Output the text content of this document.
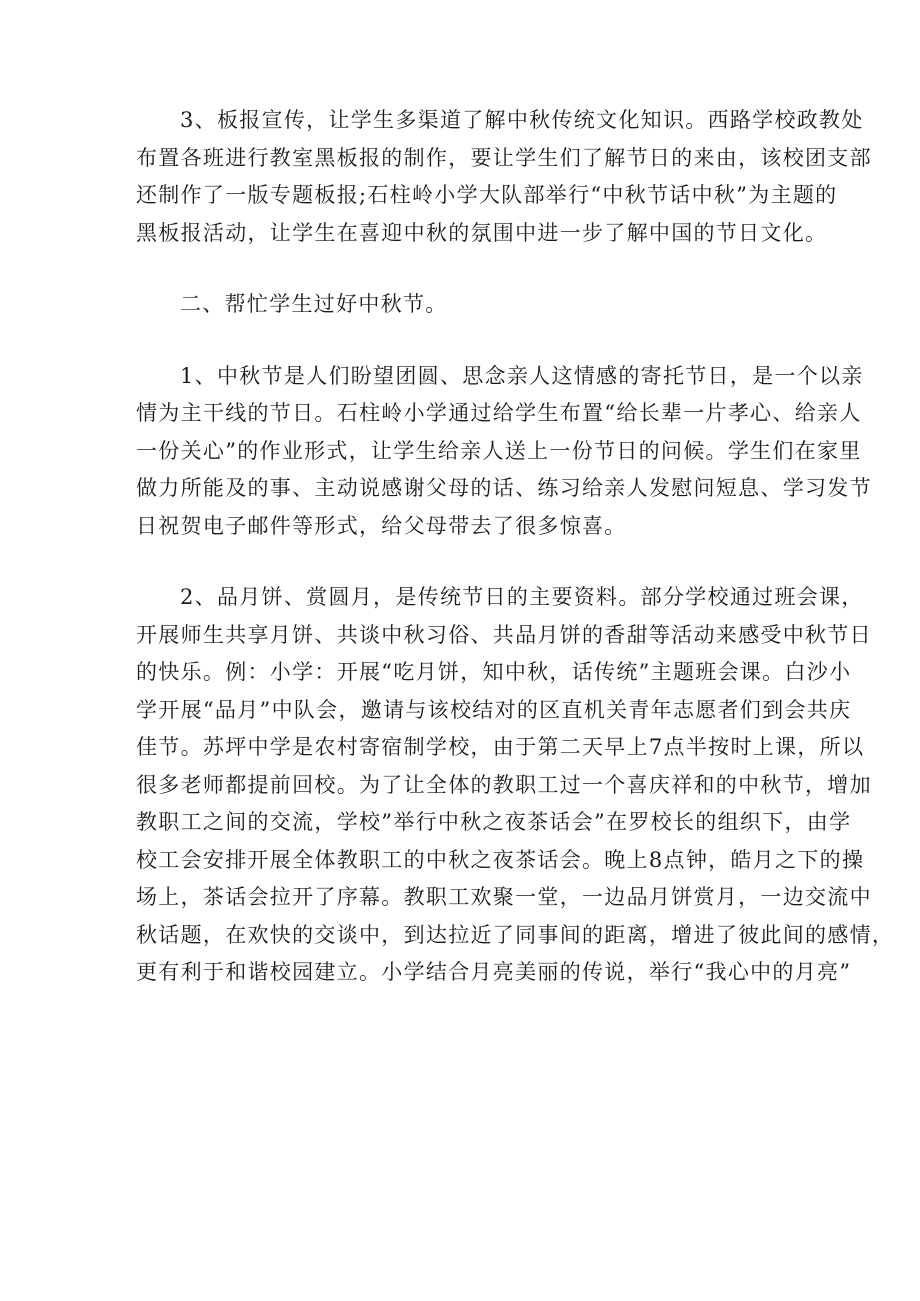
3、板报宣传，让学生多渠道了解中秋传统文化知识。西路学校政教处
布置各班进行教室黑板报的制作，要让学生们了解节日的来由，该校团支部
还制作了一版专题板报;石柱岭小学大队部举行“中秋节话中秋”为主题的
黑板报活动，让学生在喜迎中秋的氛围中进一步了解中国的节日文化。
二、帮忙学生过好中秋节。
1、中秋节是人们盼望团圆、思念亲人这情感的寄托节日，是一个以亲
情为主干线的节日。石柱岭小学通过给学生布置“给长辈一片孝心、给亲人
一份关心”的作业形式，让学生给亲人送上一份节日的问候。学生们在家里
做力所能及的事、主动说感谢父母的话、练习给亲人发慰问短息、学习发节
日祝贺电子邮件等形式，给父母带去了很多惊喜。
2、品月饼、赏圆月，是传统节日的主要资料。部分学校通过班会课，
开展师生共享月饼、共谈中秋习俗、共品月饼的香甜等活动来感受中秋节日
的快乐。例：小学：开展“吃月饼，知中秋，话传统”主题班会课。白沙小
学开展“品月”中队会，邀请与该校结对的区直机关青年志愿者们到会共庆
佳节。苏坪中学是农村寄宿制学校，由于第二天早上7点半按时上课，所以
很多老师都提前回校。为了让全体的教职工过一个喜庆祥和的中秋节，增加
教职工之间的交流，学校”举行中秋之夜茶话会”在罗校长的组织下，由学
校工会安排开展全体教职工的中秋之夜茶话会。晚上8点钟，皓月之下的操
场上，茶话会拉开了序幕。教职工欢聚一堂，一边品月饼赏月，一边交流中
秋话题，在欢快的交谈中，到达拉近了同事间的距离，增进了彼此间的感情，
更有利于和谐校园建立。小学结合月亮美丽的传说，举行“我心中的月亮”
